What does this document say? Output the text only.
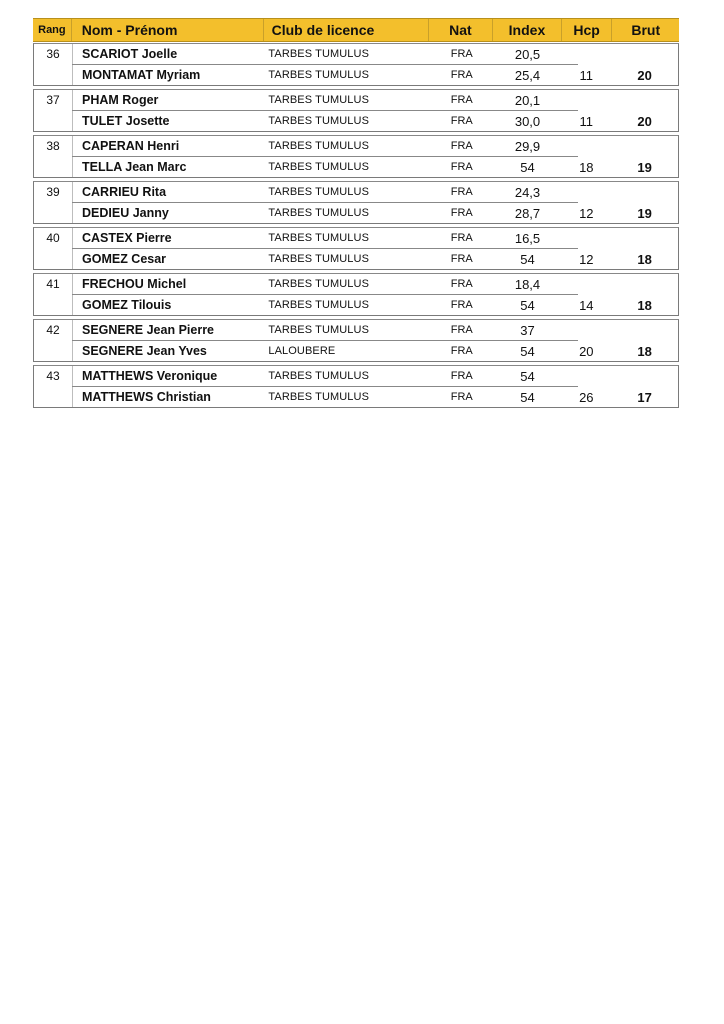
Rang	Nom - Prénom	Club de licence	Nat	Index	Hcp	Brut
36	SCARIOT Joelle	TARBES TUMULUS	FRA	20,5
MONTAMAT Myriam	TARBES TUMULUS	FRA	25,4	11	20
37	PHAM Roger	TARBES TUMULUS	FRA	20,1
TULET Josette	TARBES TUMULUS	FRA	30,0	11	20
38	CAPERAN Henri	TARBES TUMULUS	FRA	29,9
TELLA Jean Marc	TARBES TUMULUS	FRA	54	18	19
39	CARRIEU Rita	TARBES TUMULUS	FRA	24,3
DEDIEU Janny	TARBES TUMULUS	FRA	28,7	12	19
40	CASTEX Pierre	TARBES TUMULUS	FRA	16,5
GOMEZ Cesar	TARBES TUMULUS	FRA	54	12	18
41	FRECHOU Michel	TARBES TUMULUS	FRA	18,4
GOMEZ Tilouis	TARBES TUMULUS	FRA	54	14	18
42	SEGNERE Jean Pierre	TARBES TUMULUS	FRA	37
SEGNERE Jean Yves	LALOUBERE	FRA	54	20	18
43	MATTHEWS Veronique	TARBES TUMULUS	FRA	54
MATTHEWS Christian	TARBES TUMULUS	FRA	54	26	17
